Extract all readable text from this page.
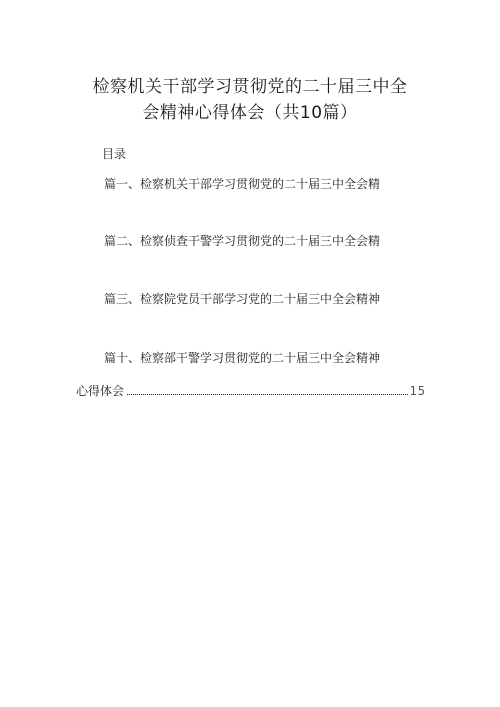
检察机关干部学习贯彻党的二十届三中全
会精神心得体会（共10篇）
目录
篇一、检察机关干部学习贯彻党的二十届三中全会精
篇二、检察侦查干警学习贯彻党的二十届三中全会精
篇三、检察院党员干部学习党的二十届三中全会精神
篇十、检察部干警学习贯彻党的二十届三中全会精神
心得体会	15
